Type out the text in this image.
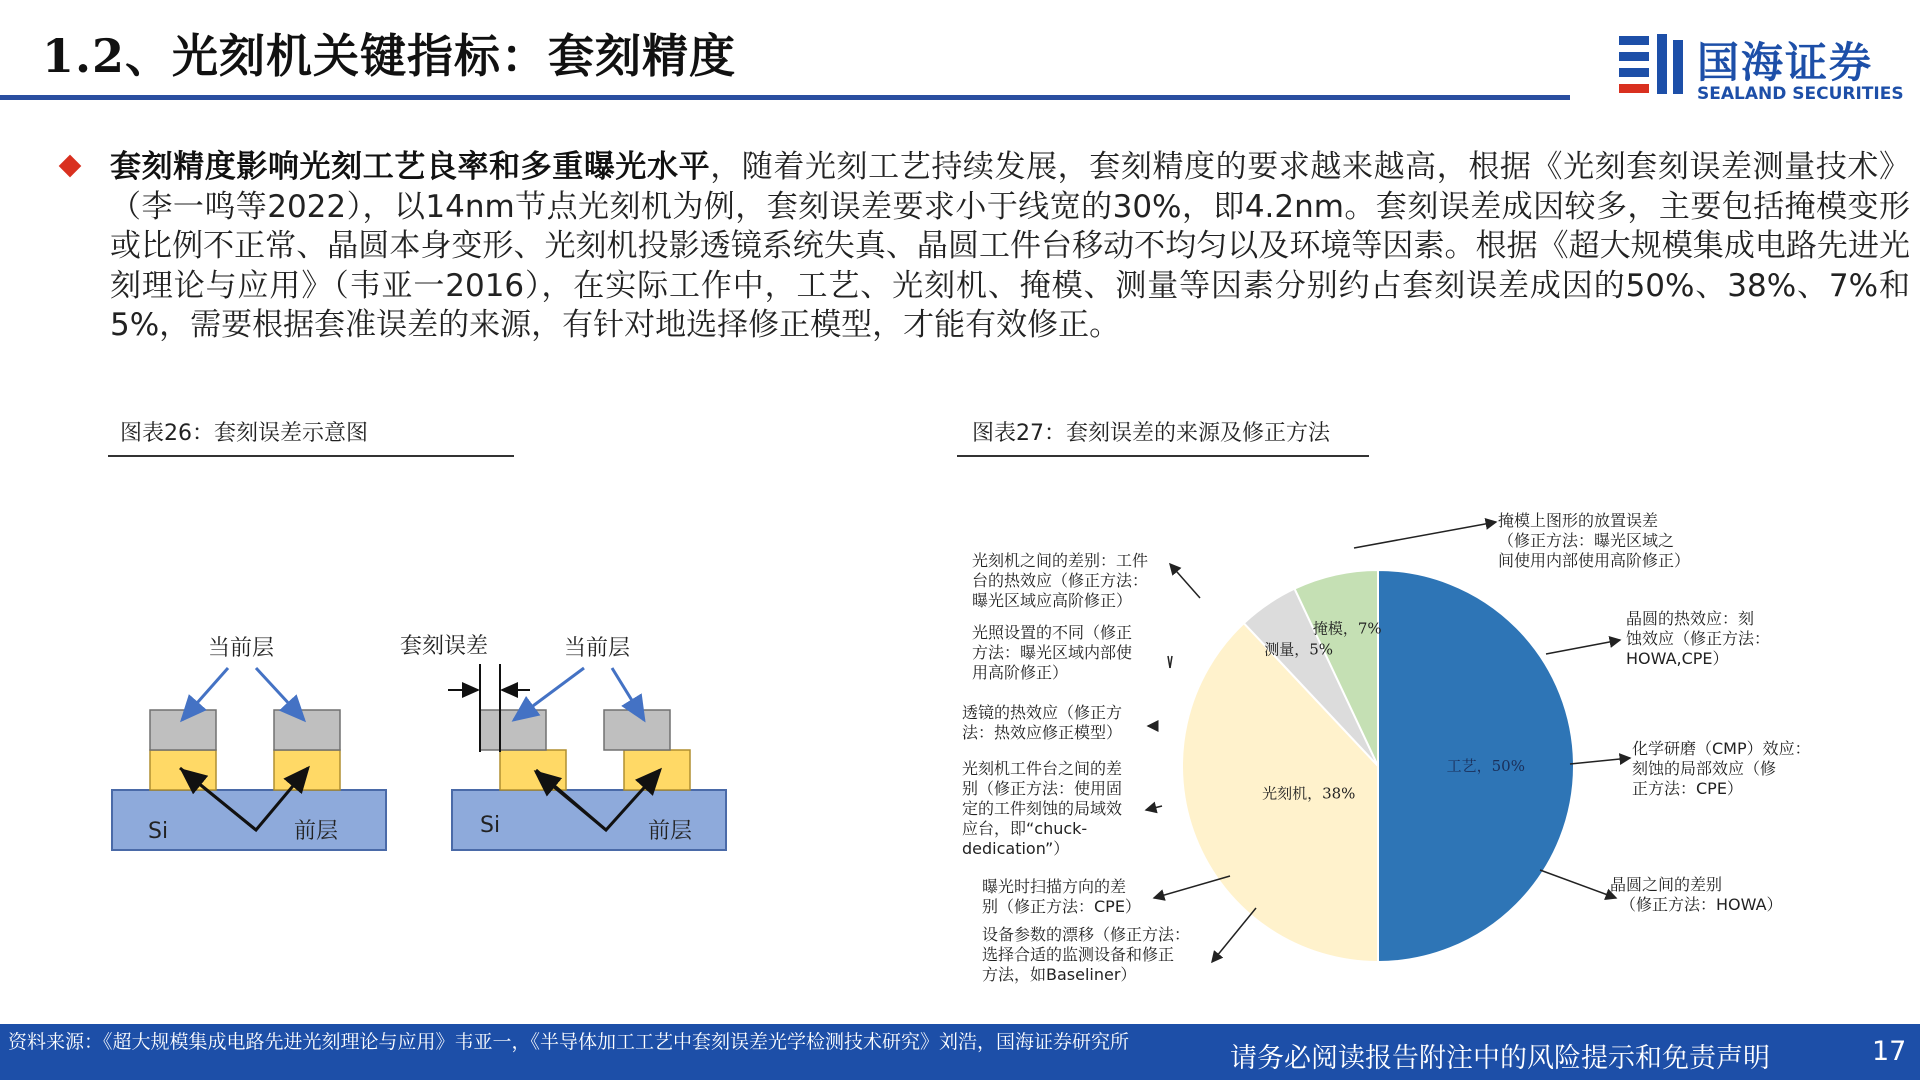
1.2、光刻机关键指标：套刻精度	国海证券
SEALAND SECURITIES
套刻精度影响光刻工艺良率和多重曝光水平，随着光刻工艺持续发展，套刻精度的要求越来越高，根据《光刻套刻误差测量技术》（李一鸣等2022），以14nm节点光刻机为例，套刻误差要求小于线宽的30%，即4.2nm。套刻误差成因较多，主要包括掩模变形或比例不正常、晶圆本身变形、光刻机投影透镜系统失真、晶圆工件台移动不均匀以及环境等因素。根据《超大规模集成电路先进光刻理论与应用》（韦亚一2016），在实际工作中，工艺、光刻机、掩模、测量等因素分别约占套刻误差成因的50%、38%、7%和5%，需要根据套准误差的来源，有针对地选择修正模型，才能有效修正。
图表26：套刻误差示意图
当前层
Si	前层
套刻误差	当前层
Si	前层
图表27：套刻误差的来源及修正方法
工艺，50%
光刻机，38%
测量，5%
掩模，7%
掩模上图形的放置误差 （修正方法：曝光区域之 间使用内部使用高阶修正）
晶圆的热效应：刻 蚀效应（修正方法： HOWA,CPE）
化学研磨（CMP）效应： 刻蚀的局部效应（修 正方法：CPE）
晶圆之间的差别 （修正方法：HOWA）
光刻机之间的差别：工件 台的热效应（修正方法： 曝光区域应高阶修正）
光照设置的不同（修正 方法：曝光区域内部使 用高阶修正）
透镜的热效应（修正方 法：热效应修正模型）
光刻机工件台之间的差 别（修正方法：使用固 定的工件刻蚀的局域效 应台，即“chuck- dedication”）
曝光时扫描方向的差 别（修正方法：CPE）
设备参数的漂移（修正方法： 选择合适的监测设备和修正 方法，如Baseliner）
资料来源：《超大规模集成电路先进光刻理论与应用》韦亚一，《半导体加工工艺中套刻误差光学检测技术研究》刘浩，国海证券研究所
请务必阅读报告附注中的风险提示和免责声明	17
